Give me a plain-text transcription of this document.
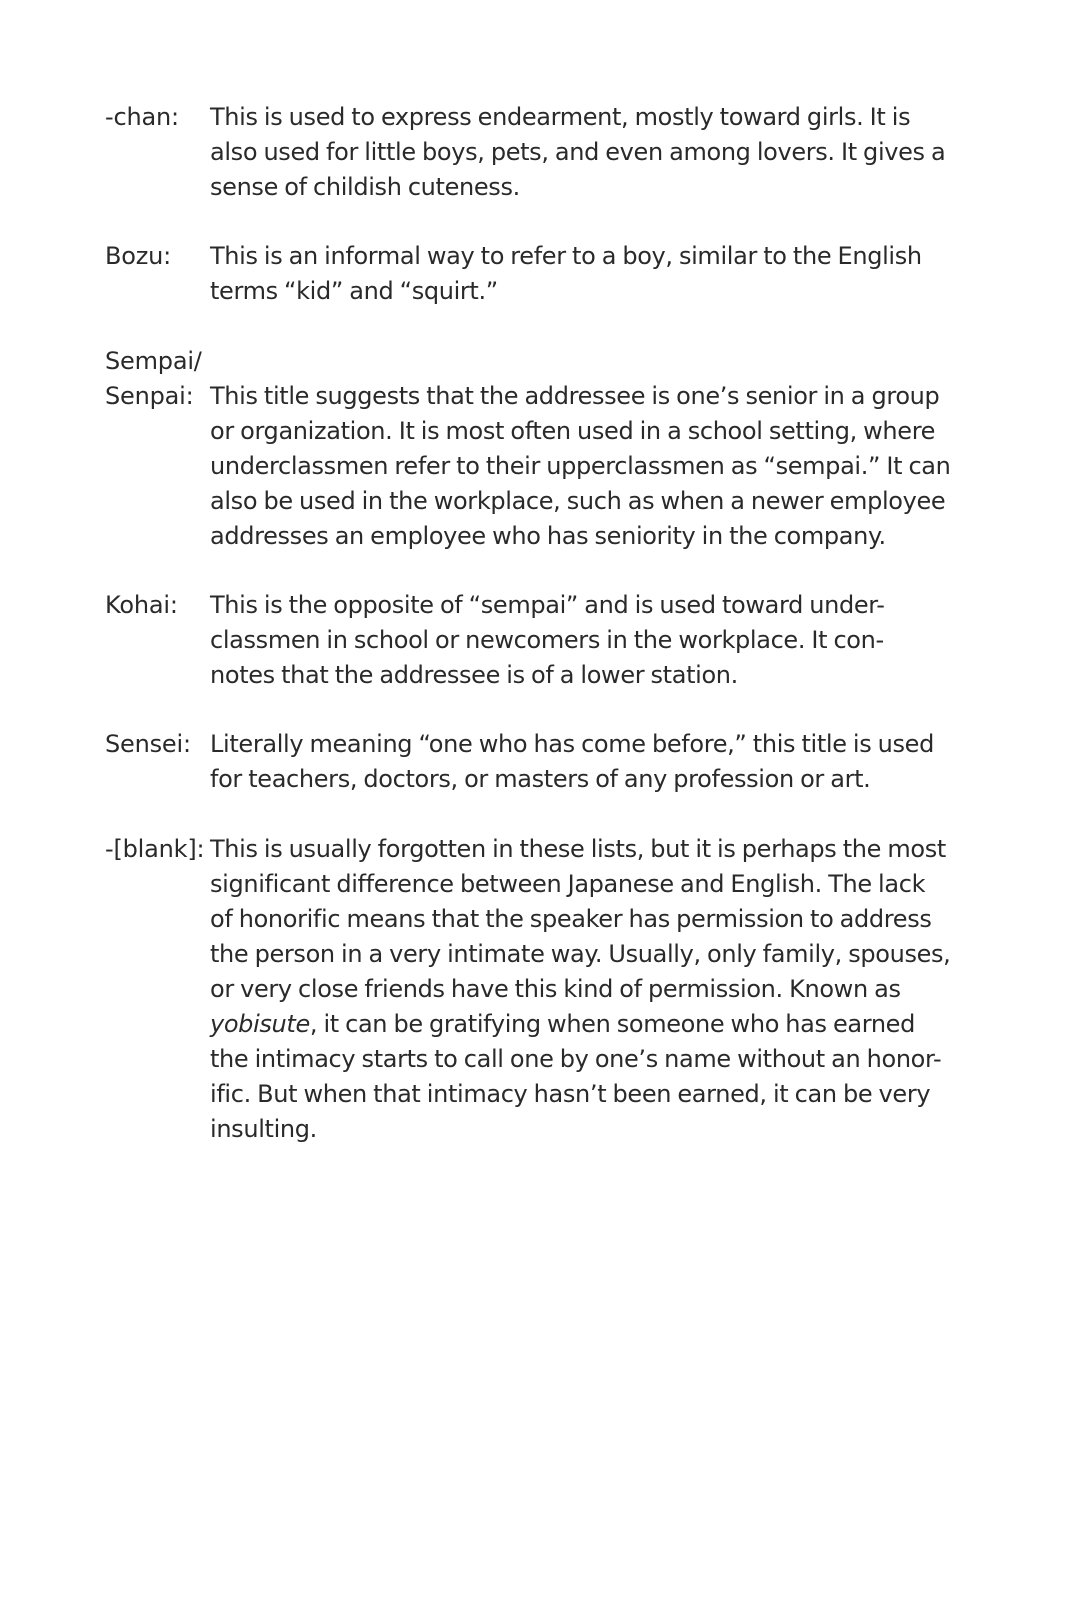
-chan: This is used to express endearment, mostly toward girls. It is
also used for little boys, pets, and even among lovers. It gives a
sense of childish cuteness.
Bozu: This is an informal way to refer to a boy, similar to the English
terms “kid” and “squirt.”
Sempai/
Senpai: This title suggests that the addressee is one’s senior in a group
or organization. It is most often used in a school setting, where
underclassmen refer to their upperclassmen as “sempai.” It can
also be used in the workplace, such as when a newer employee
addresses an employee who has seniority in the company.
Kohai: This is the opposite of “sempai” and is used toward under-
classmen in school or newcomers in the workplace. It con-
notes that the addressee is of a lower station.
Sensei: Literally meaning “one who has come before,” this title is used
for teachers, doctors, or masters of any profession or art.
-[blank]: This is usually forgotten in these lists, but it is perhaps the most
significant difference between Japanese and English. The lack
of honorific means that the speaker has permission to address
the person in a very intimate way. Usually, only family, spouses,
or very close friends have this kind of permission. Known as
yobisute, it can be gratifying when someone who has earned
the intimacy starts to call one by one’s name without an honor-
ific. But when that intimacy hasn’t been earned, it can be very
insulting.
